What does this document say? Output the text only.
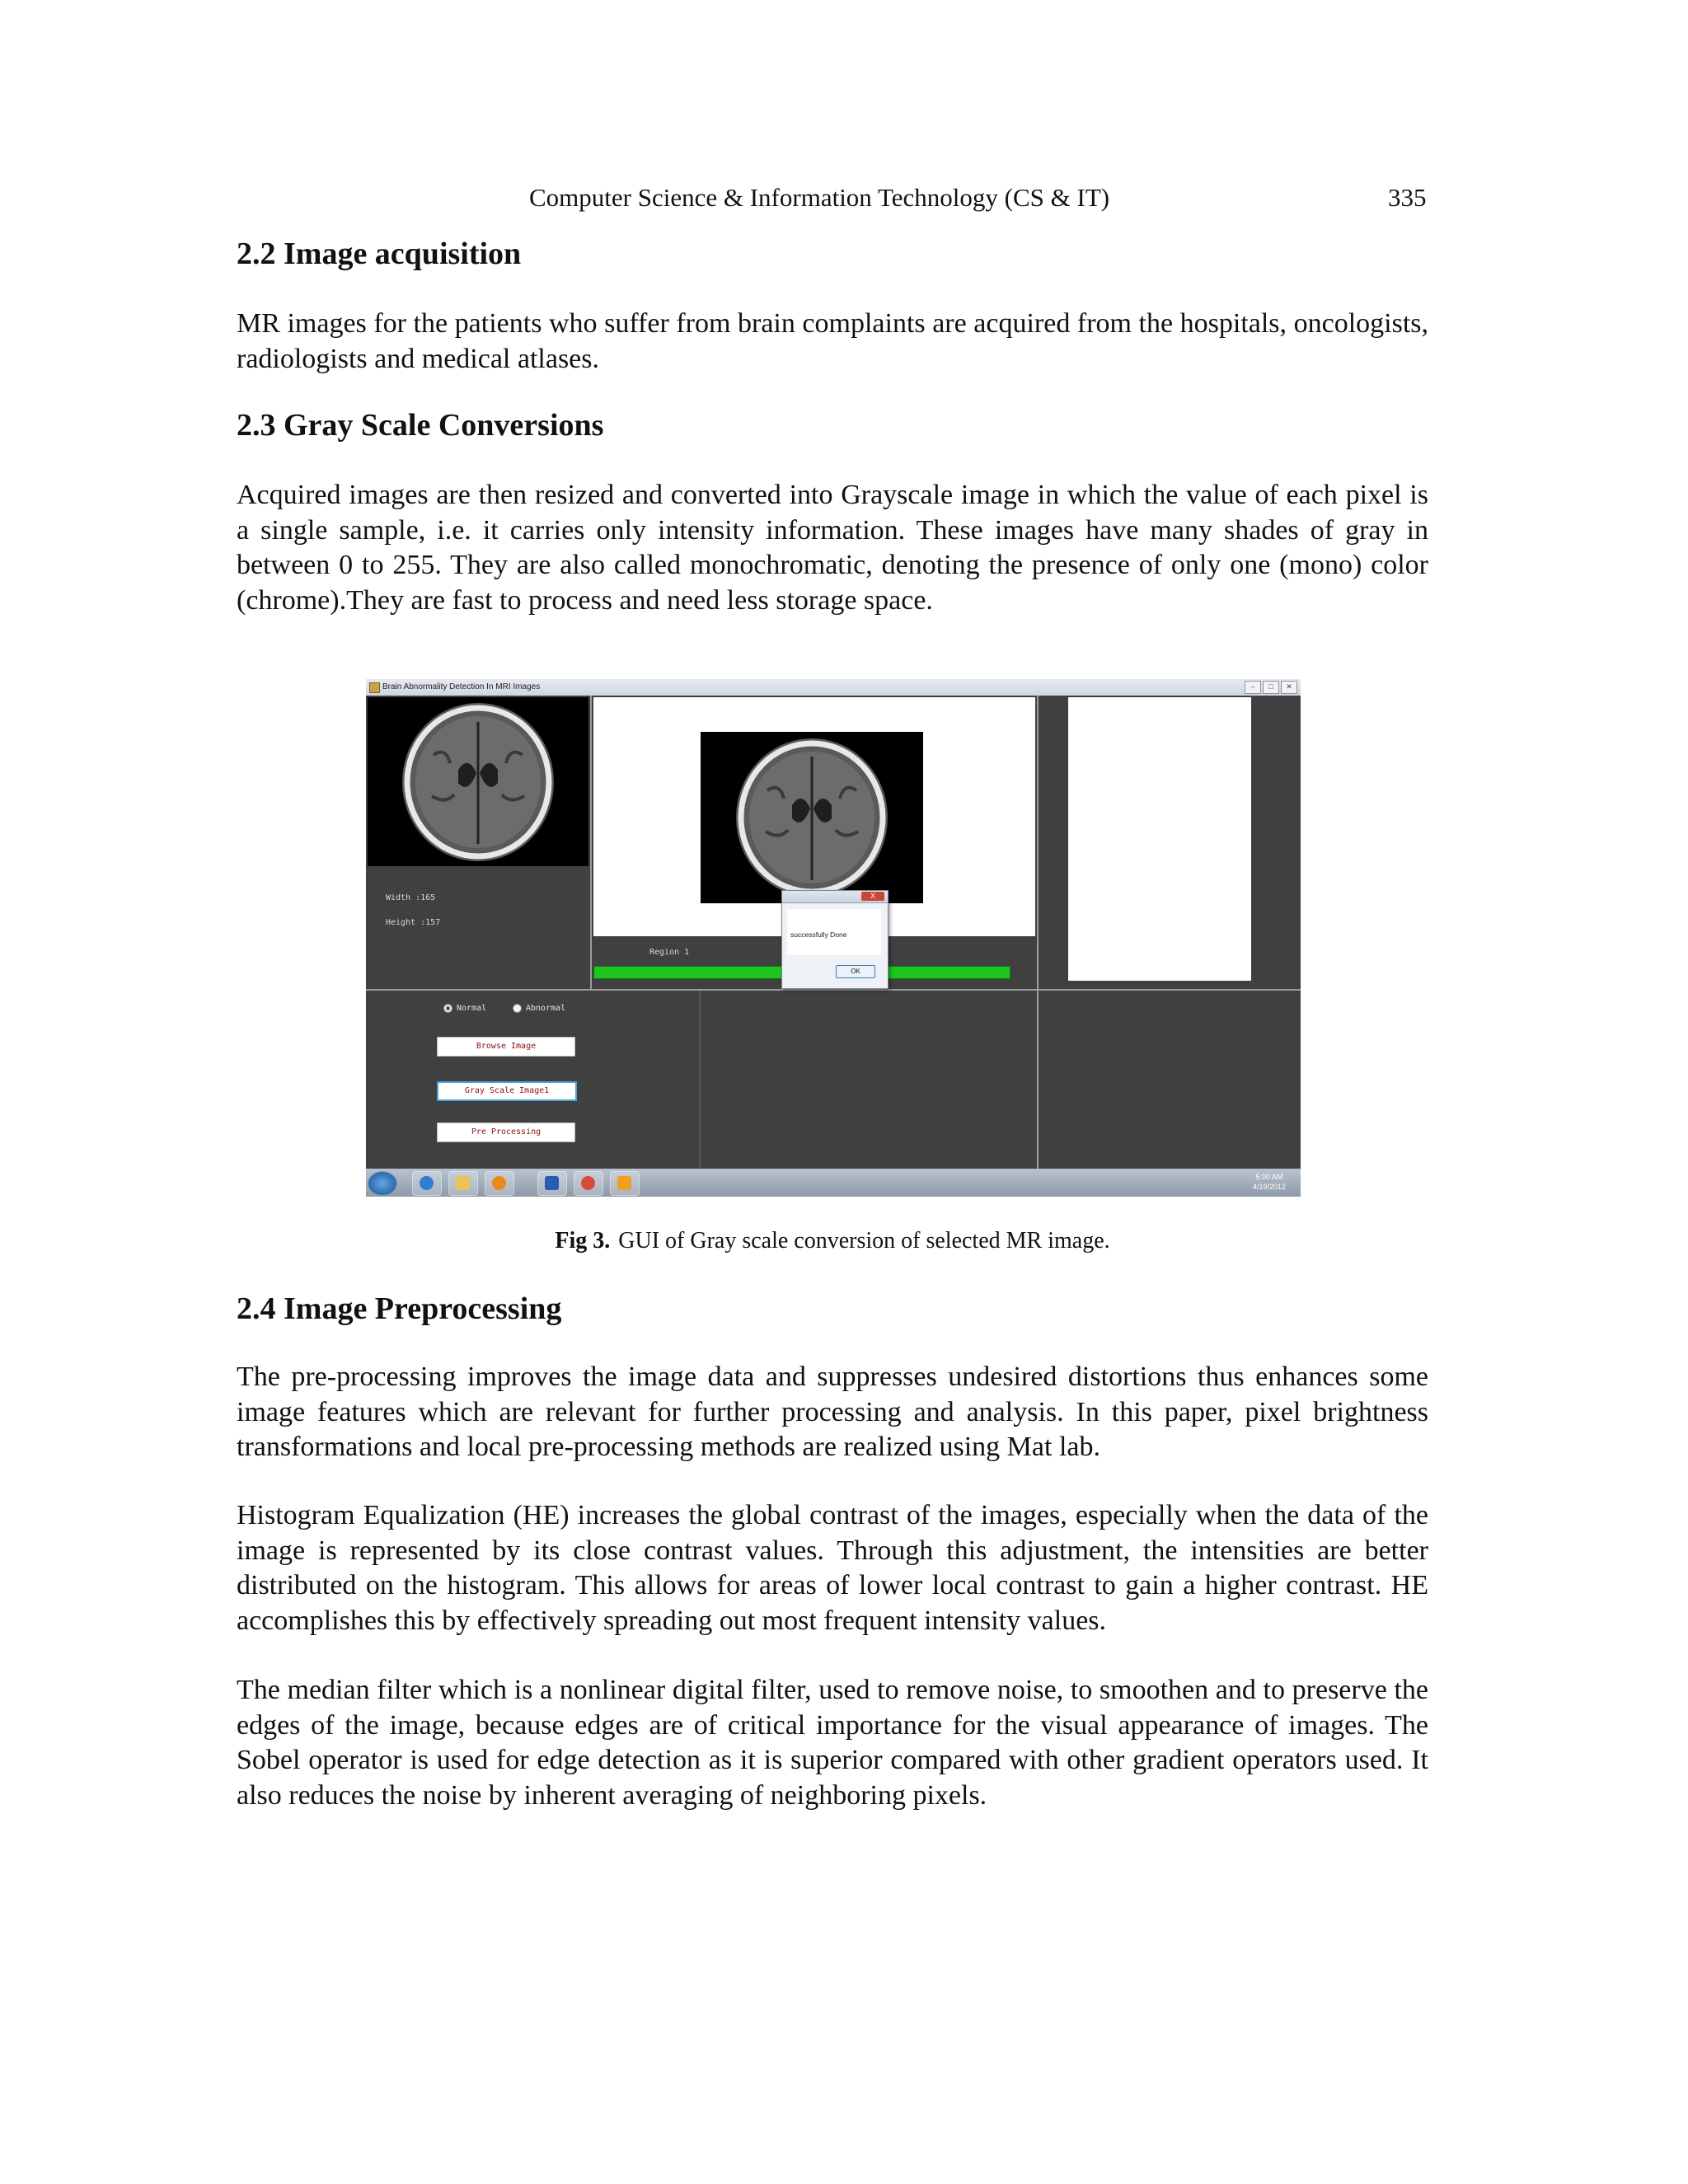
Computer Science & Information Technology (CS & IT)	335
2.2 Image acquisition

MR images for the patients who suffer from brain complaints are acquired from the hospitals, oncologists, radiologists and medical atlases.

2.3 Gray Scale Conversions

Acquired images are then resized and converted into Grayscale image in which the value of each pixel is a single sample, i.e. it carries only intensity information. These images have many shades of gray in between 0 to 255. They are also called monochromatic, denoting the presence of only one (mono) color (chrome).They are fast to process and need less storage space.

Brain Abnormality Detection In MRI Images	–	□	✕
Width :165
Height :157
Region 1
Normal	Abnormal
Browse Image
Gray Scale Image1
Pre Processing
X
successfully Done
OK
5:00 AM
4/19/2012
Fig 3. GUI of Gray scale conversion of selected MR image.
2.4 Image Preprocessing

The pre-processing improves the image data and suppresses undesired distortions thus enhances some image features which are relevant for further processing and analysis. In this paper, pixel brightness transformations and local pre-processing methods are realized using Mat lab.

Histogram Equalization (HE) increases the global contrast of the images, especially when the data of the image is represented by its close contrast values. Through this adjustment, the intensities are better distributed on the histogram. This allows for areas of lower local contrast to gain a higher contrast. HE accomplishes this by effectively spreading out most frequent intensity values.

The median filter which is a nonlinear digital filter, used to remove noise, to smoothen and to preserve the edges of the image, because edges are of critical importance for the visual appearance of images. The Sobel operator is used for edge detection as it is superior compared with other gradient operators used. It also reduces the noise by inherent averaging of neighboring pixels.
